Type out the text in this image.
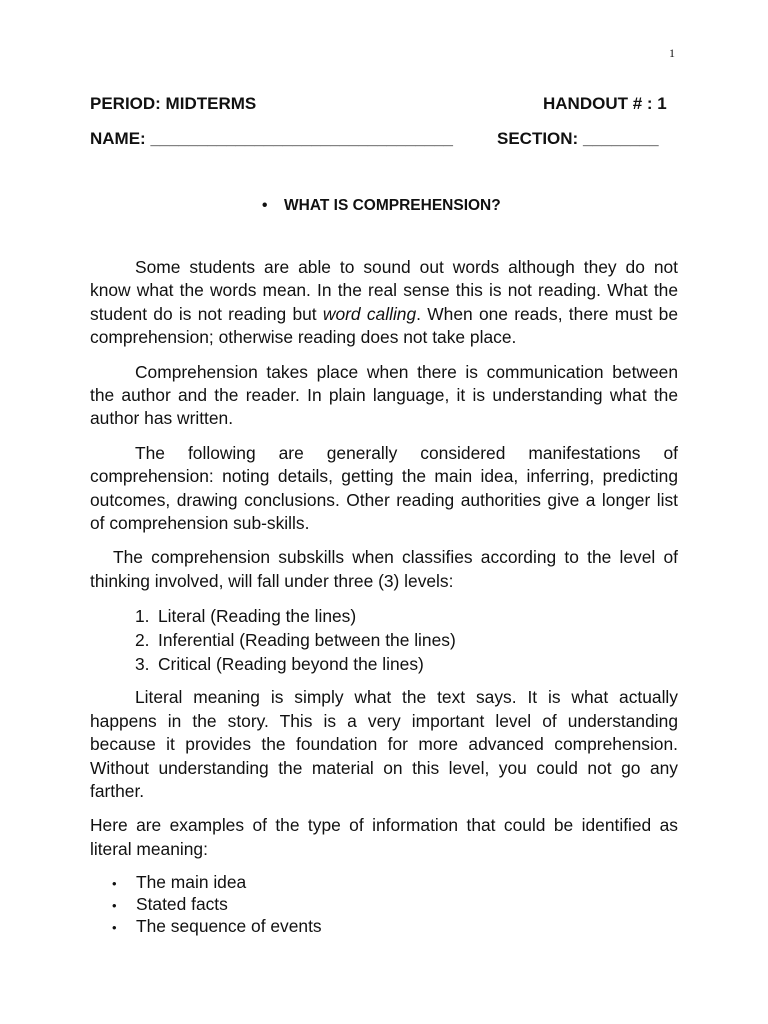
1
PERIOD: MIDTERMS	HANDOUT # : 1
NAME: ________________________________	SECTION: ________
• WHAT IS COMPREHENSION?

Some students are able to sound out words although they do not know what the words mean. In the real sense this is not reading. What the student do is not reading but word calling. When one reads, there must be comprehension; otherwise reading does not take place.

Comprehension takes place when there is communication between the author and the reader. In plain language, it is understanding what the author has written.

The following are generally considered manifestations of comprehension: noting details, getting the main idea, inferring, predicting outcomes, drawing conclusions. Other reading authorities give a longer list of comprehension sub-skills.

The comprehension subskills when classifies according to the level of thinking involved, will fall under three (3) levels:

1. Literal (Reading the lines)
2. Inferential (Reading between the lines)
3. Critical (Reading beyond the lines)

Literal meaning is simply what the text says. It is what actually happens in the story. This is a very important level of understanding because it provides the foundation for more advanced comprehension. Without understanding the material on this level, you could not go any farther.

Here are examples of the type of information that could be identified as literal meaning:

• The main idea
• Stated facts
• The sequence of events
